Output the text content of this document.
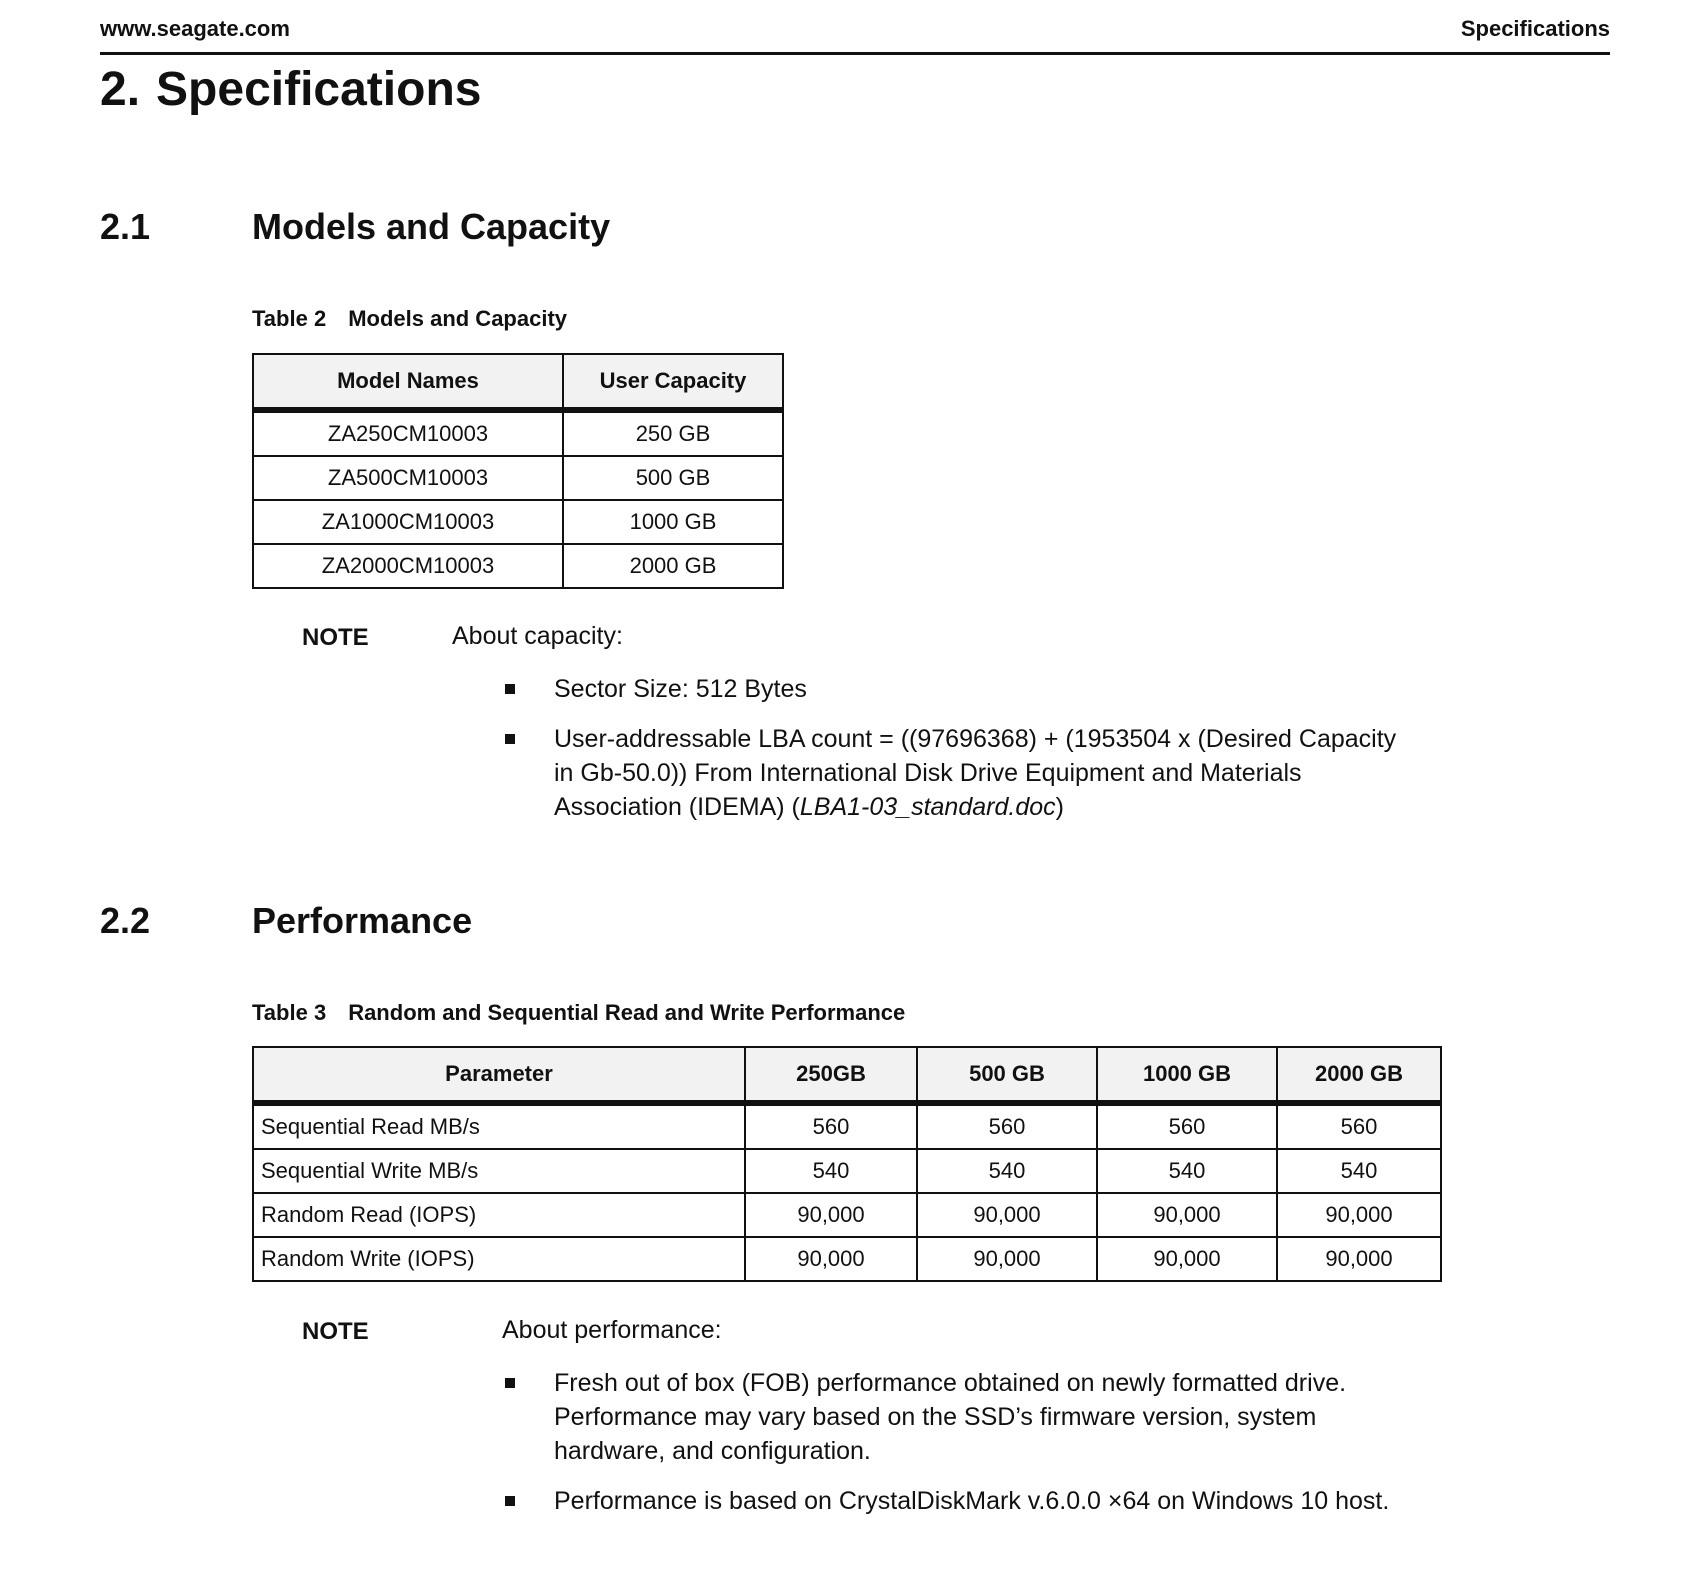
www.seagate.com	Specifications
2. Specifications
2.1	Models and Capacity
Table 2 Models and Capacity
Model Names	User Capacity
ZA250CM10003	250 GB
ZA500CM10003	500 GB
ZA1000CM10003	1000 GB
ZA2000CM10003	2000 GB
NOTE	About capacity:
Sector Size: 512 Bytes
User-addressable LBA count = ((97696368) + (1953504 x (Desired Capacity in Gb-50.0)) From International Disk Drive Equipment and Materials Association (IDEMA) (LBA1-03_standard.doc)
2.2	Performance
Table 3 Random and Sequential Read and Write Performance
Parameter	250GB	500 GB	1000 GB	2000 GB
Sequential Read MB/s	560	560	560	560
Sequential Write MB/s	540	540	540	540
Random Read (IOPS)	90,000	90,000	90,000	90,000
Random Write (IOPS)	90,000	90,000	90,000	90,000
NOTE	About performance:
Fresh out of box (FOB) performance obtained on newly formatted drive. Performance may vary based on the SSD’s firmware version, system hardware, and configuration.
Performance is based on CrystalDiskMark v.6.0.0 ×64 on Windows 10 host.
